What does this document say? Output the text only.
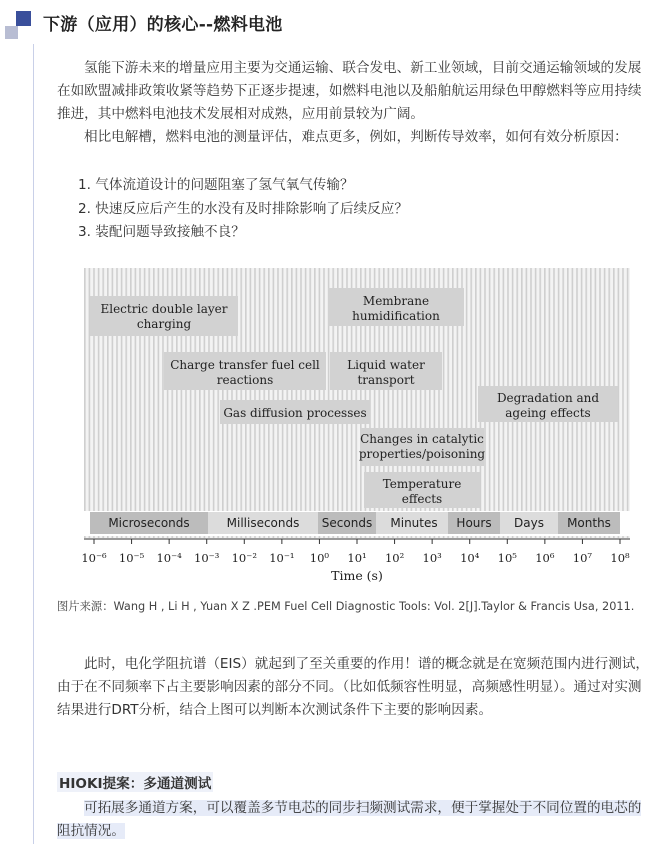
下游（应用）的核心--燃料电池
氢能下游未来的增量应用主要为交通运输、联合发电、新工业领域，目前交通运输领域的发展在如欧盟减排政策收紧等趋势下正逐步提速，如燃料电池以及船舶航运用绿色甲醇燃料等应用持续推进，其中燃料电池技术发展相对成熟，应用前景较为广阔。
相比电解槽，燃料电池的测量评估，难点更多，例如，判断传导效率，如何有效分析原因：
1. 气体流道设计的问题阻塞了氢气氧气传输？
2. 快速反应后产生的水没有及时排除影响了后续反应？
3. 装配问题导致接触不良？
Electric double layer charging
Membrane humidification
Charge transfer fuel cell reactions
Liquid water transport
Degradation and ageing effects
Gas diffusion processes
Changes in catalytic properties/poisoning
Temperature effects
Microseconds	Milliseconds Seconds Minutes Hours Days Months
10⁻⁶ 10⁻⁵ 10⁻⁴ 10⁻³ 10⁻² 10⁻¹ 10⁰ 10¹ 10² 10³ 10⁴ 10⁵ 10⁶ 10⁷ 10⁸
Time (s)
图片来源：Wang H , Li H , Yuan X Z .PEM Fuel Cell Diagnostic Tools: Vol. 2[J].Taylor & Francis Usa, 2011.
此时，电化学阻抗谱（EIS）就起到了至关重要的作用！谱的概念就是在宽频范围内进行测试，由于在不同频率下占主要影响因素的部分不同。（比如低频容性明显，高频感性明显）。通过对实测结果进行DRT分析，结合上图可以判断本次测试条件下主要的影响因素。
HIOKI提案：多通道测试
可拓展多通道方案，可以覆盖多节电芯的同步扫频测试需求，便于掌握处于不同位置的电芯的阻抗情况。
